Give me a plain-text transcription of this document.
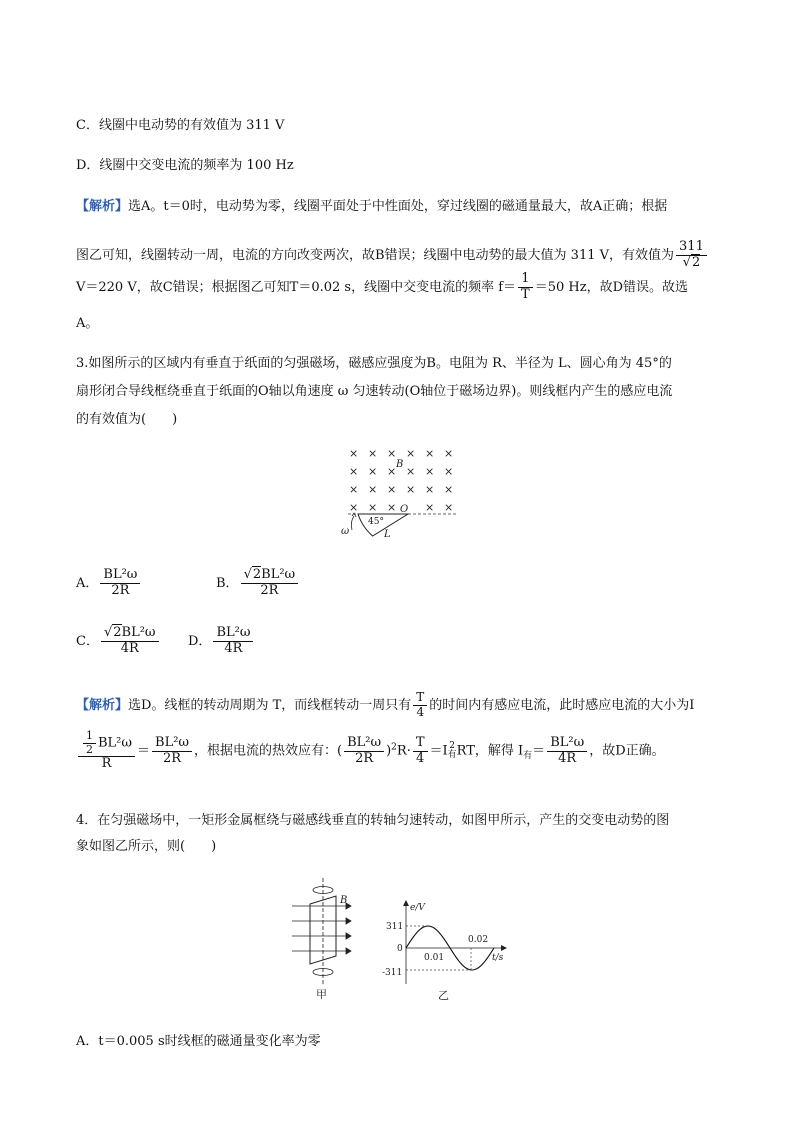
C．线圈中电动势的有效值为 311 V
D．线圈中交变电流的频率为 100 Hz
【解析】选A。t＝0时，电动势为零，线圈平面处于中性面处，穿过线圈的磁通量最大，故A正确；根据
图乙可知，线圈转动一周，电流的方向改变两次，故B错误；线圈中电动势的最大值为 311 V，有效值为 $\frac{311}{√2}$
V＝220 V，故C错误；根据图乙可知T＝0.02 s，线圈中交变电流的频率 $f= \frac{1}{T} =50$ Hz，故D错误。故选
A。
3.如图所示的区域内有垂直于纸面的匀强磁场，磁感应强度为B。电阻为 R、半径为 L、圆心角为 45°的
扇形闭合导线框绕垂直于纸面的O轴以角速度 ω 匀速转动(O轴位于磁场边界)。则线框内产生的感应电流
的有效值为(　　)
× × × × × ×
× × × × × ×
× × × × × ×
× × ×	× ×
B
O
45°
L
ω
A． $\frac{\text{BL²ω}}{2R}$	B． $\frac{\text{√2BL²ω}}{2R}$
C． $\frac{\text{√2BL²ω}}{4R}$ D． $\frac{\text{BL²ω}}{4R}$
【解析】选D。线框的转动周期为 T，而线框转动一周只有 $\frac{T}{4}$ 的时间内有感应电流，此时感应电流的大小为I
$\frac{\frac{1}{2} BL^2\omega}{R} = \frac{\text{BL²ω}}{2R}$ ，根据电流的热效应有：( $\frac{\text{BL²ω}}{2R} )^2R\cdot \frac{T}{4} =I$ 2
有 RT，解得 $I_有= \frac{\text{BL²ω}}{4R}$ ，故D正确。
4．在匀强磁场中，一矩形金属框绕与磁感线垂直的转轴匀速转动，如图甲所示，产生的交变电动势的图
象如图乙所示，则(　　)
B
甲
e/V
t/s
311
0
-311
0.01
0.02
乙
A．t＝0.005 s时线框的磁通量变化率为零
